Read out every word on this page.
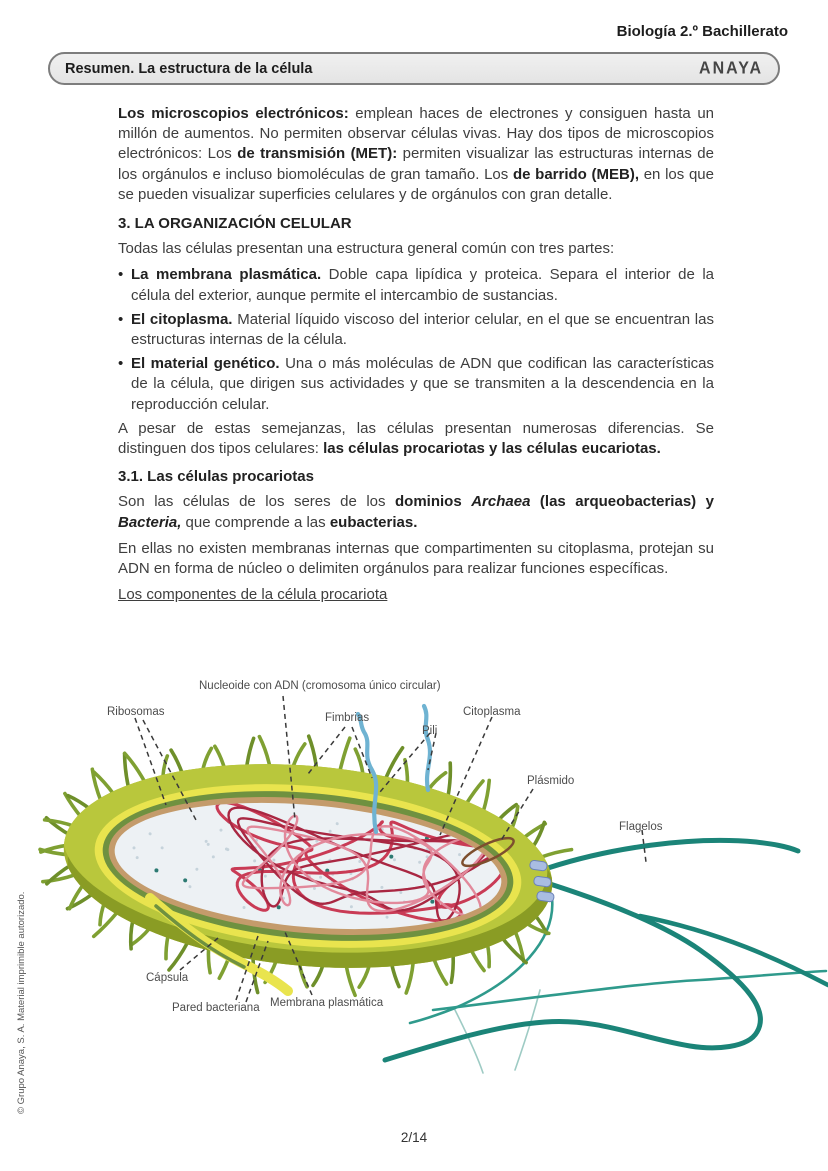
Biología 2.º Bachillerato
Resumen. La estructura de la célula	ANAYA

Los microscopios electrónicos: emplean haces de electrones y consiguen hasta un millón de aumentos. No permiten observar células vivas. Hay dos tipos de microscopios electrónicos: Los de transmisión (MET): permiten visualizar las estructuras internas de los orgánulos e incluso biomoléculas de gran tamaño. Los de barrido (MEB), en los que se pueden visualizar superficies celulares y de orgánulos con gran detalle.

3. LA ORGANIZACIÓN CELULAR

Todas las células presentan una estructura general común con tres partes:

• La membrana plasmática. Doble capa lipídica y proteica. Separa el interior de la célula del exterior, aunque permite el intercambio de sustancias.
• El citoplasma. Material líquido viscoso del interior celular, en el que se encuentran las estructuras internas de la célula.
• El material genético. Una o más moléculas de ADN que codifican las características de la célula, que dirigen sus actividades y que se transmiten a la descendencia en la reproducción celular.

A pesar de estas semejanzas, las células presentan numerosas diferencias. Se distinguen dos tipos celulares: las células procariotas y las células eucariotas.

3.1. Las células procariotas

Son las células de los seres de los dominios Archaea (las arqueobacterias) y Bacteria, que comprende a las eubacterias.

En ellas no existen membranas internas que compartimenten su citoplasma, protejan su ADN en forma de núcleo o delimiten orgánulos para realizar funciones específicas.

Los componentes de la célula procariota

Nucleoide con ADN (cromosoma único circular)
Ribosomas	Fimbrias
Pili
Citoplasma
Plásmido
Flagelos
Cápsula
Pared bacteriana Membrana plasmática
2/14
© Grupo Anaya, S. A. Material imprimible autorizado.
